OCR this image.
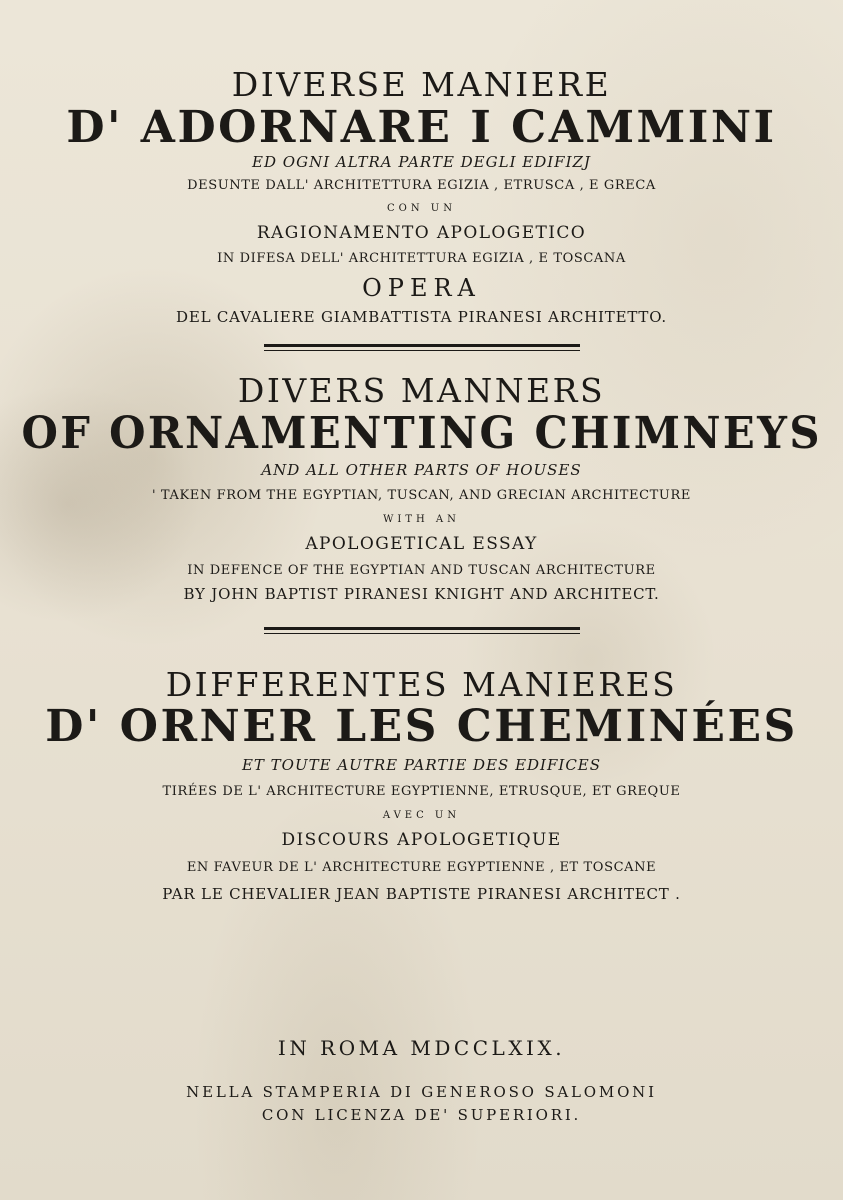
DIVERSE MANIERE

D' ADORNARE I CAMMINI

ED OGNI ALTRA PARTE DEGLI EDIFIZJ

DESUNTE DALL' ARCHITETTURA EGIZIA , ETRUSCA , E GRECA

CON UN

RAGIONAMENTO APOLOGETICO

IN DIFESA DELL' ARCHITETTURA EGIZIA , E TOSCANA

OPERA

DEL CAVALIERE GIAMBATTISTA PIRANESI ARCHITETTO.

DIVERS MANNERS

OF ORNAMENTING CHIMNEYS

AND ALL OTHER PARTS OF HOUSES

' TAKEN FROM THE EGYPTIAN, TUSCAN, AND GRECIAN ARCHITECTURE

WITH AN

APOLOGETICAL ESSAY

IN DEFENCE OF THE EGYPTIAN AND TUSCAN ARCHITECTURE

BY JOHN BAPTIST PIRANESI KNIGHT AND ARCHITECT.

DIFFERENTES MANIERES

D' ORNER LES CHEMINÉES

ET TOUTE AUTRE PARTIE DES EDIFICES

TIRÉES DE L' ARCHITECTURE EGYPTIENNE, ETRUSQUE, ET GREQUE

AVEC UN

DISCOURS APOLOGETIQUE

EN FAVEUR DE L' ARCHITECTURE EGYPTIENNE , ET TOSCANE

PAR LE CHEVALIER JEAN BAPTISTE PIRANESI ARCHITECT .

IN ROMA MDCCLXIX.

NELLA STAMPERIA DI GENEROSO SALOMONI

CON LICENZA DE' SUPERIORI.
